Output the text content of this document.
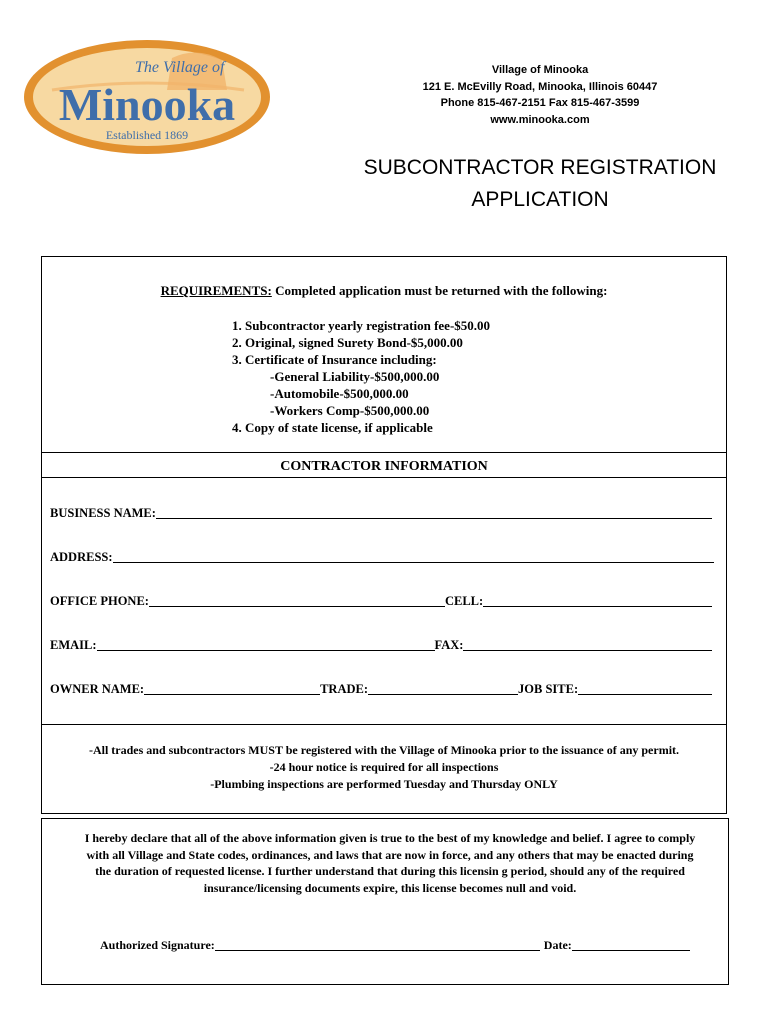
The Village of
Minooka
Established 1869
Village of Minooka
121 E. McEvilly Road, Minooka, Illinois 60447
Phone 815-467-2151 Fax 815-467-3599
www.minooka.com
SUBCONTRACTOR REGISTRATION
APPLICATION
REQUIREMENTS: Completed application must be returned with the following:
1. Subcontractor yearly registration fee-$50.00
2. Original, signed Surety Bond-$5,000.00
3. Certificate of Insurance including:
-General Liability-$500,000.00
-Automobile-$500,000.00
-Workers Comp-$500,000.00
4. Copy of state license, if applicable
CONTRACTOR INFORMATION
BUSINESS NAME:
ADDRESS:
OFFICE PHONE:	CELL:
EMAIL:	FAX:
OWNER NAME:	TRADE:	JOB SITE:
-All trades and subcontractors MUST be registered with the Village of Minooka prior to the issuance of any permit.
-24 hour notice is required for all inspections
-Plumbing inspections are performed Tuesday and Thursday ONLY
I hereby declare that all of the above information given is true to the best of my knowledge and belief. I agree to comply
with all Village and State codes, ordinances, and laws that are now in force, and any others that may be enacted during
the duration of requested license. I further understand that during this licensin g period, should any of the required
insurance/licensing documents expire, this license becomes null and void.
Authorized Signature:	Date:
